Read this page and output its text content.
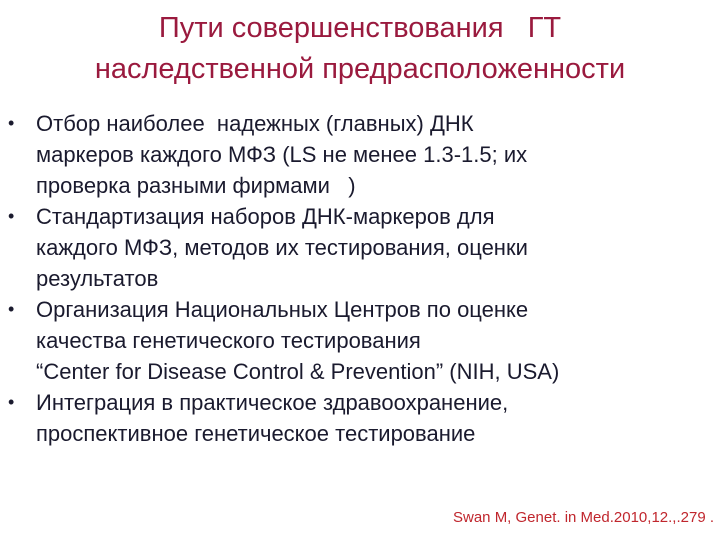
Пути совершенствования   ГТ
наследственной предрасположенности
• Отбор наиболее  надежных (главных) ДНК
маркеров каждого МФЗ (LS не менее 1.3-1.5; их
проверка разными фирмами   )
• Стандартизация наборов ДНК-маркеров для
каждого МФЗ, методов их тестирования, оценки
результатов
• Организация Национальных Центров по оценке
качества генетического тестирования
“Center for Disease Control & Prevention” (NIH, USA)
• Интеграция в практическое здравоохранение,
проспективное генетическое тестирование
Swan M, Genet. in Med.2010,12.,.279 .
